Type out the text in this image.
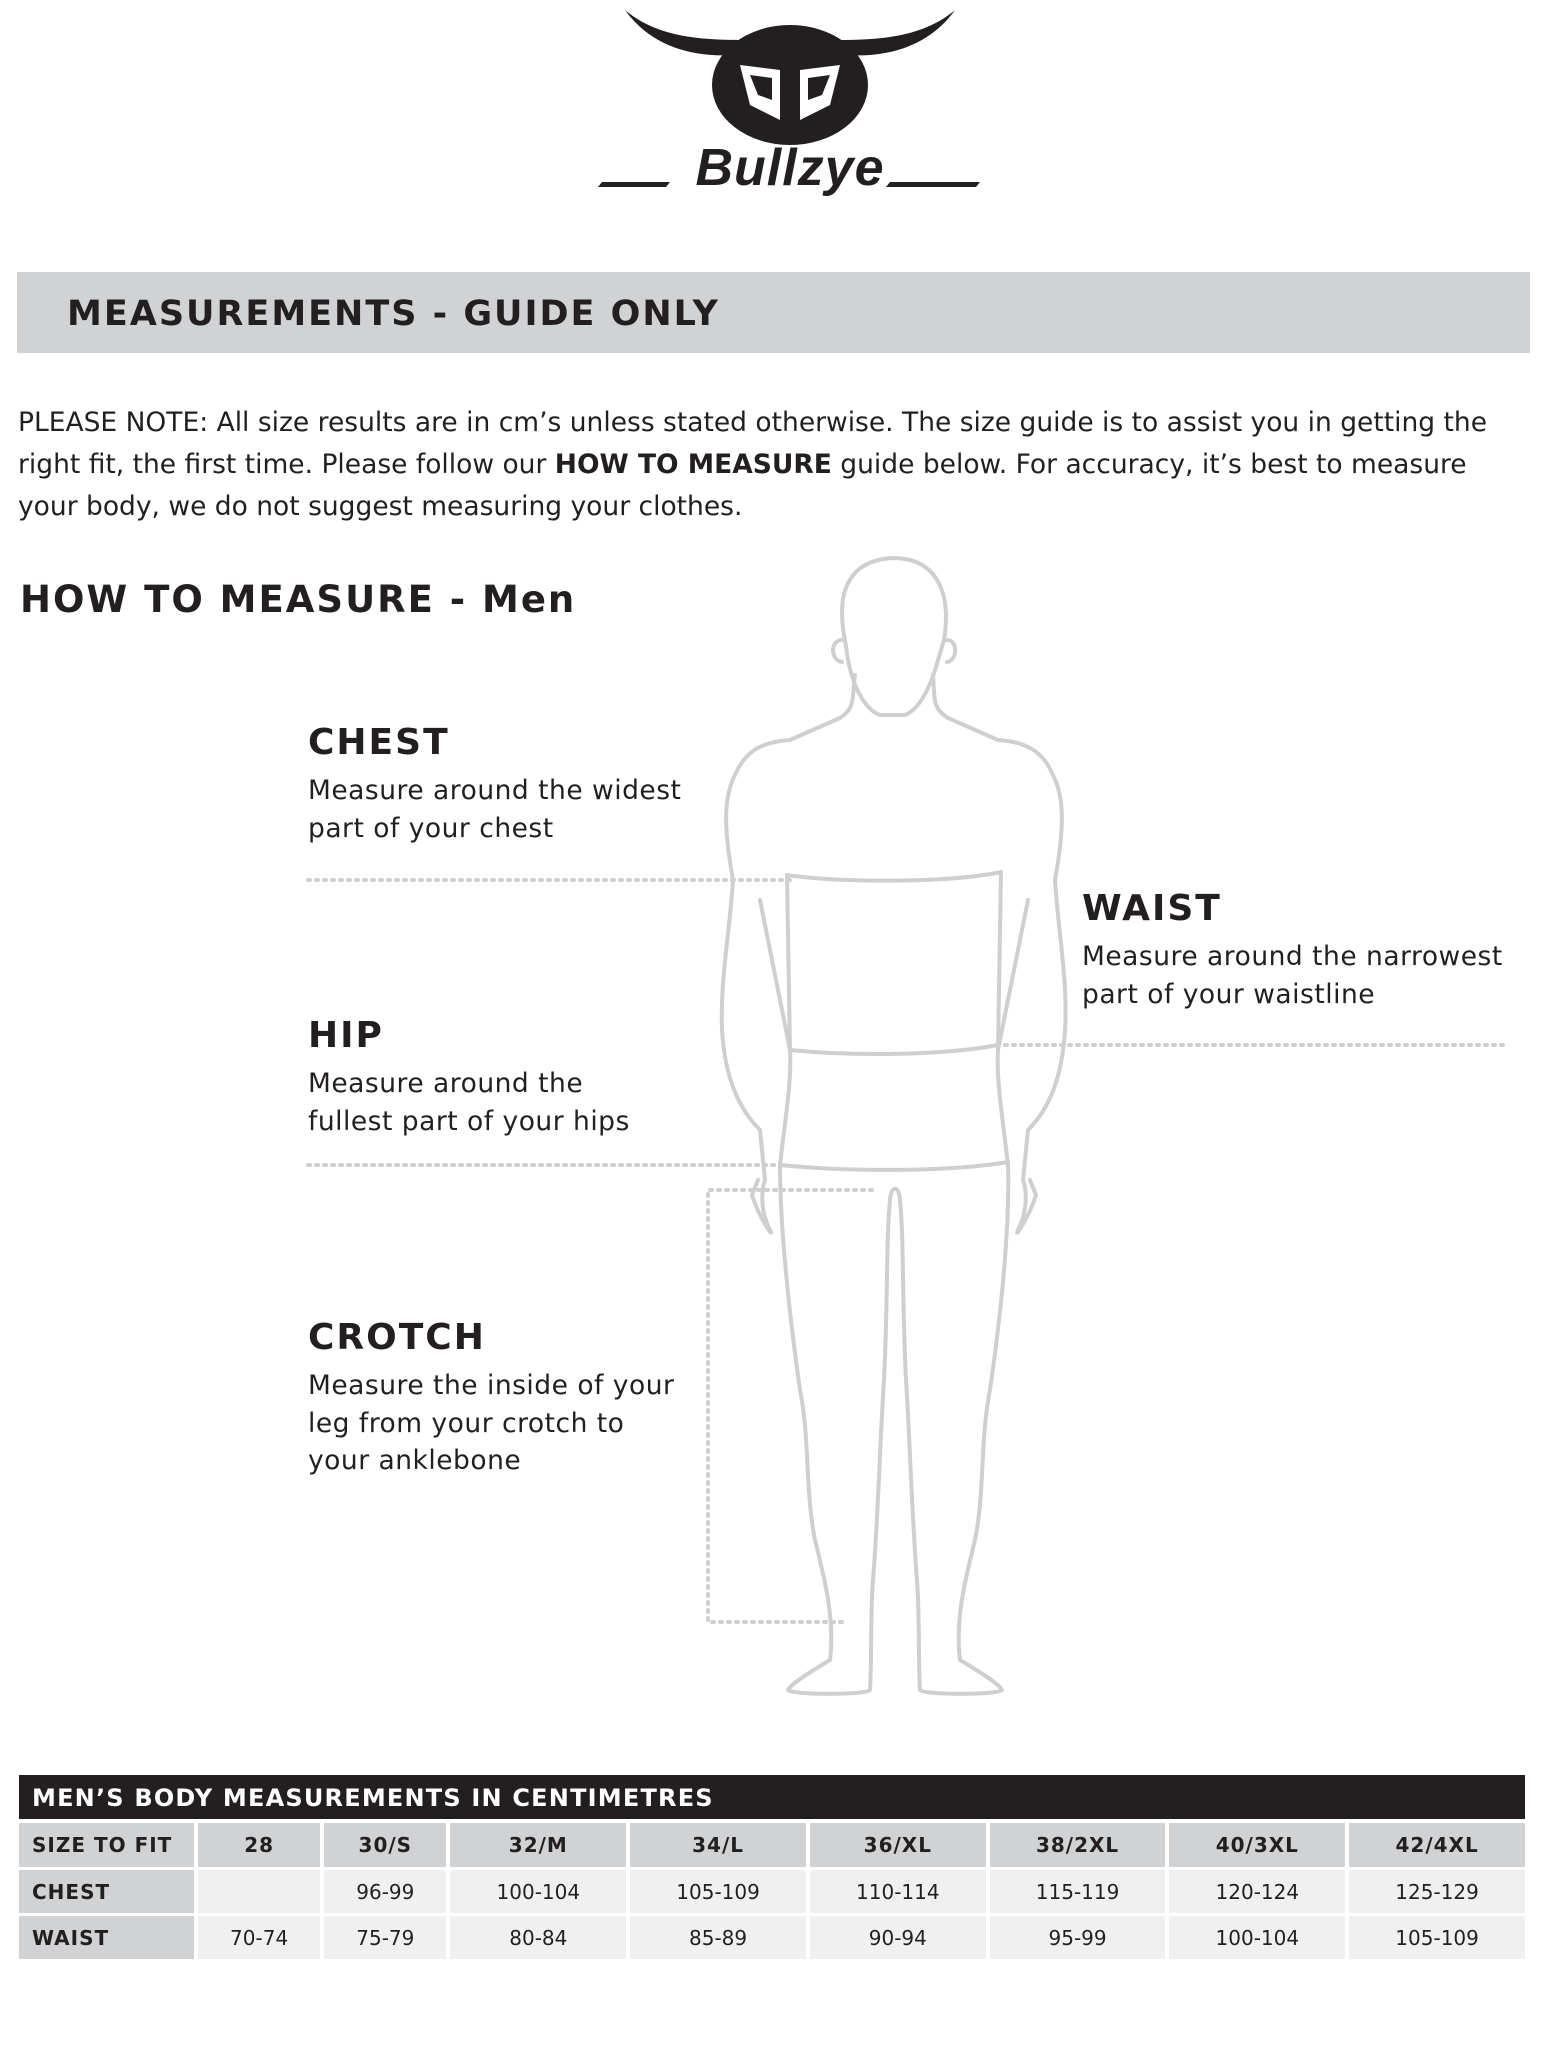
Bullzye
MEASUREMENTS - GUIDE ONLY
PLEASE NOTE: All size results are in cm’s unless stated otherwise. The size guide is to assist you in getting the right fit, the first time. Please follow our HOW TO MEASURE guide below. For accuracy, it’s best to measure your body, we do not suggest measuring your clothes.
HOW TO MEASURE - Men
CHEST
Measure around the widest
part of your chest
WAIST
Measure around the narrowest
part of your waistline
HIP
Measure around the
fullest part of your hips
CROTCH
Measure the inside of your
leg from your crotch to
your anklebone
MEN’S BODY MEASUREMENTS IN CENTIMETRES
SIZE TO FIT	28	30/S	32/M	34/L	36/XL	38/2XL	40/3XL	42/4XL
CHEST		96-99	100-104	105-109	110-114	115-119	120-124	125-129
WAIST	70-74	75-79	80-84	85-89	90-94	95-99	100-104	105-109
